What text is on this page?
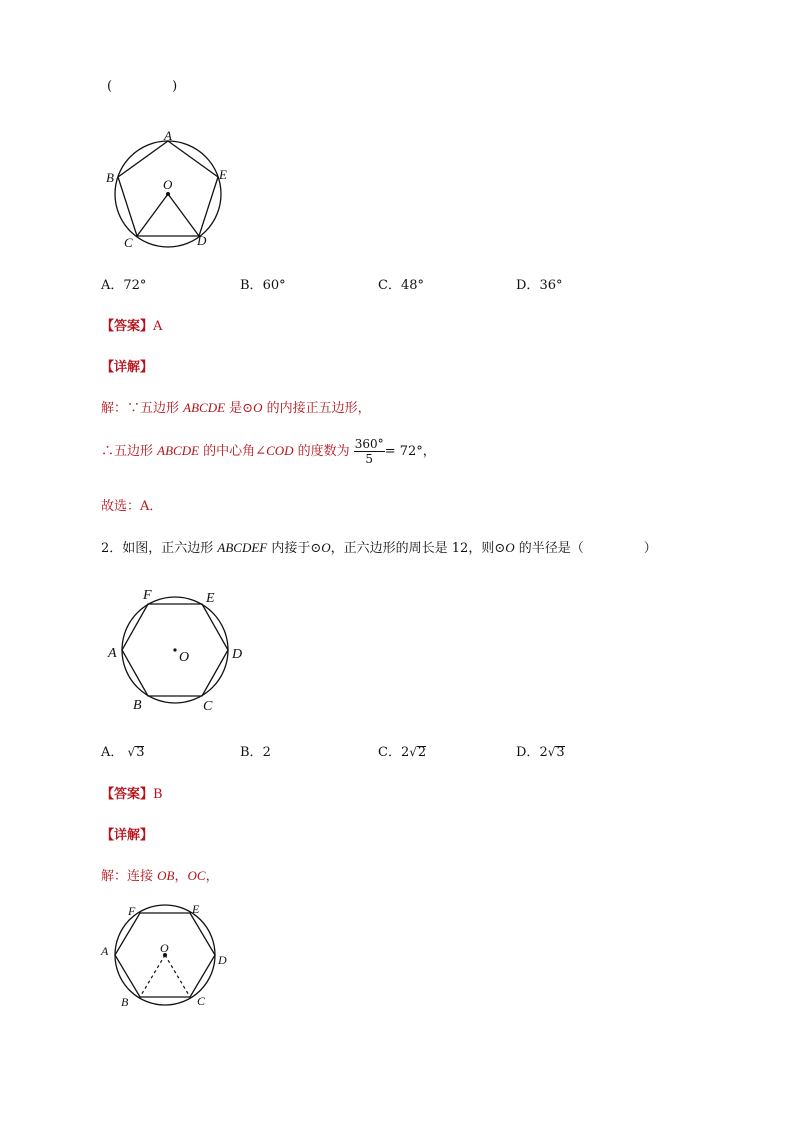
(	)
A
B
C	D
E
O
A．72°	B．60°	C．48°	D．36°
【答案】A
【详解】
解：∵五边形 ABCDE 是⊙O 的内接正五边形，
∴五边形 ABCDE 的中心角∠COD 的度数为 $\frac{360^\circ}{5} = 72^\circ$，
故选：A．
2．如图，正六边形 ABCDEF 内接于⊙O，正六边形的周长是 12，则⊙O 的半径是（	）
F	E
A	D
O
B	C
A． √3	B．2	C．2√2	D．2√3
【答案】B
【详解】
解：连接 OB，OC，
F	E
A
D
O
B	C
